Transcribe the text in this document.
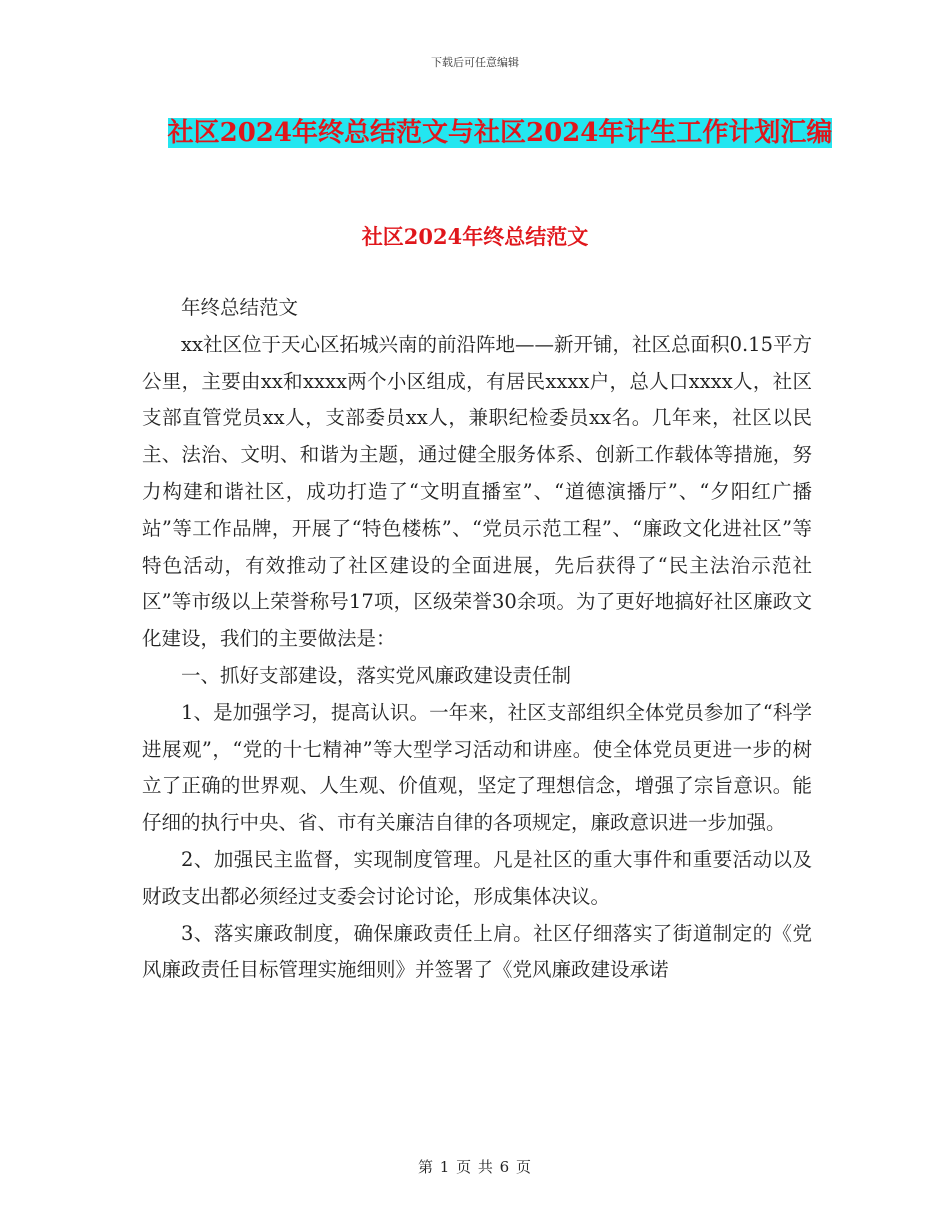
下载后可任意编辑
社区2024年终总结范文与社区2024年计生工作计划汇编
社区2024年终总结范文

年终总结范文

xx社区位于天心区拓城兴南的前沿阵地——新开铺，社区总面积0.15平方公里，主要由xx和xxxx两个小区组成，有居民xxxx户，总人口xxxx人，社区支部直管党员xx人，支部委员xx人，兼职纪检委员xx名。几年来，社区以民主、法治、文明、和谐为主题，通过健全服务体系、创新工作载体等措施，努力构建和谐社区，成功打造了“文明直播室”、“道德演播厅”、“夕阳红广播站”等工作品牌，开展了“特色楼栋”、“党员示范工程”、“廉政文化进社区”等特色活动，有效推动了社区建设的全面进展，先后获得了“民主法治示范社区”等市级以上荣誉称号17项，区级荣誉30余项。为了更好地搞好社区廉政文化建设，我们的主要做法是：

一、抓好支部建设，落实党风廉政建设责任制

1、是加强学习，提高认识。一年来，社区支部组织全体党员参加了“科学进展观”，“党的十七精神”等大型学习活动和讲座。使全体党员更进一步的树立了正确的世界观、人生观、价值观，坚定了理想信念，增强了宗旨意识。能仔细的执行中央、省、市有关廉洁自律的各项规定，廉政意识进一步加强。

2、加强民主监督，实现制度管理。凡是社区的重大事件和重要活动以及财政支出都必须经过支委会讨论讨论，形成集体决议。

3、落实廉政制度，确保廉政责任上肩。社区仔细落实了街道制定的《党风廉政责任目标管理实施细则》并签署了《党风廉政建设承诺

第 1 页 共 6 页
